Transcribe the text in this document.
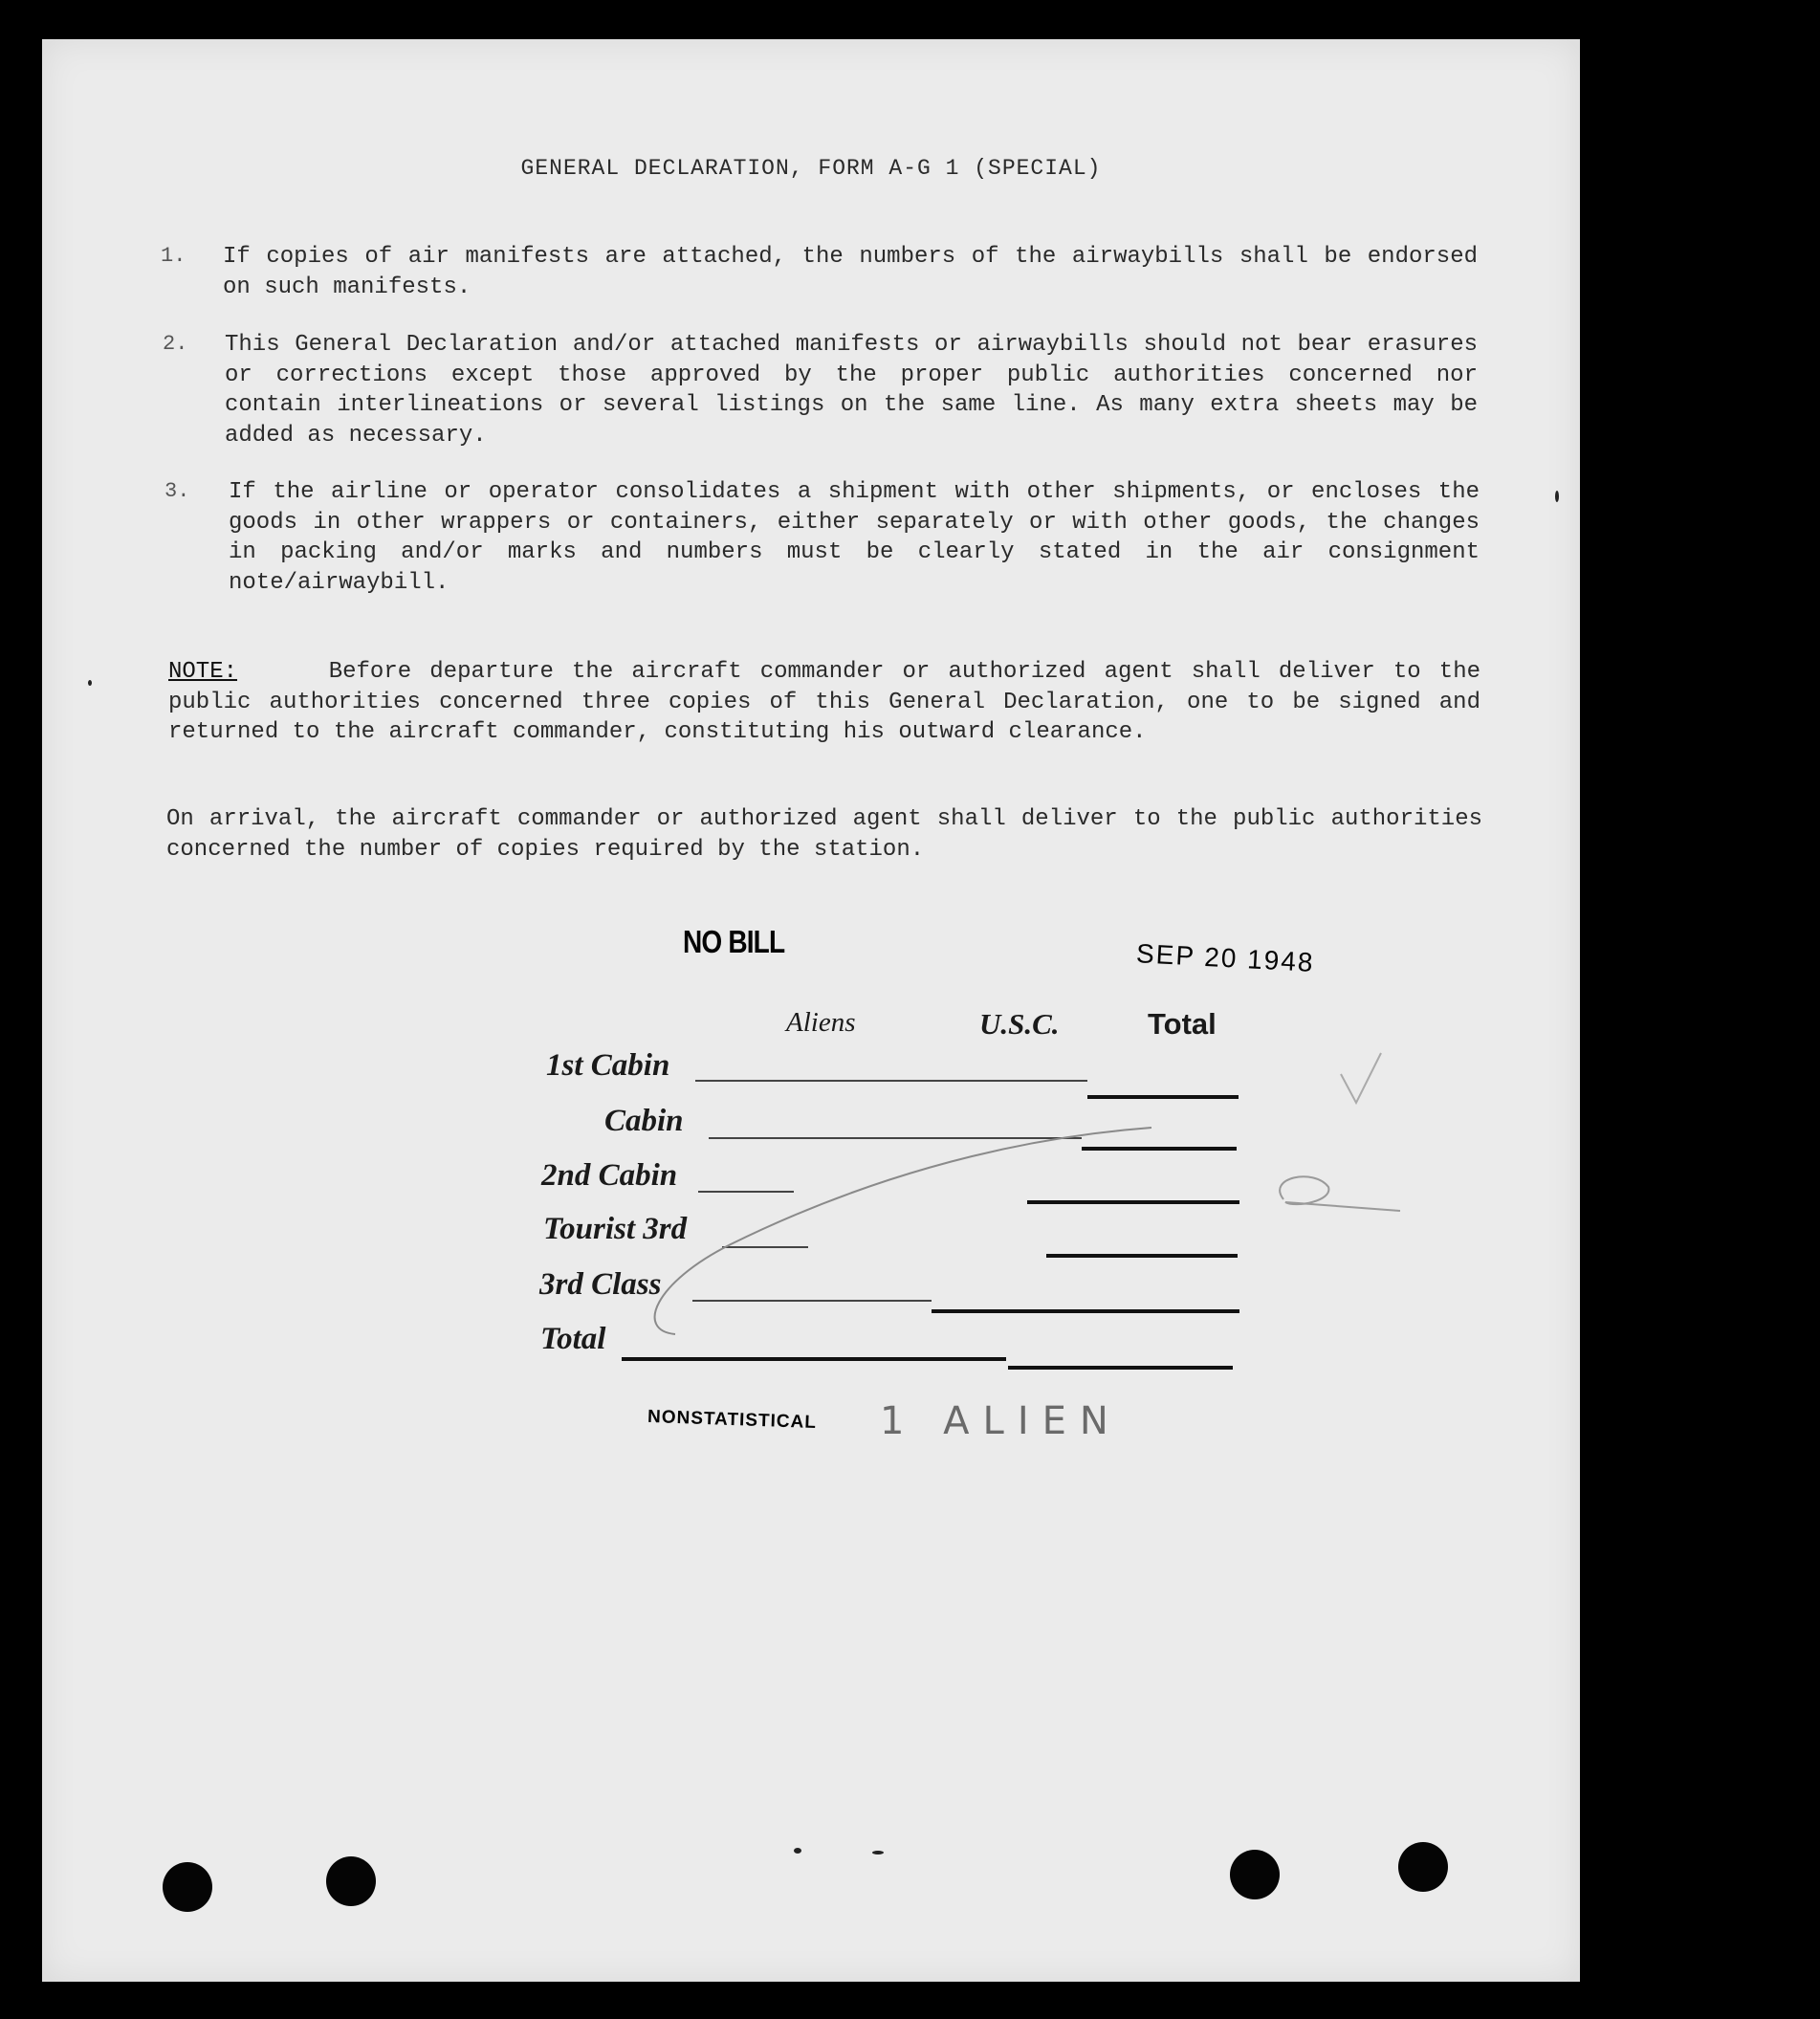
GENERAL DECLARATION, FORM A-G 1 (SPECIAL)
1. If copies of air manifests are attached, the numbers of the airwaybills shall be endorsed on such manifests.

2. This General Declaration and/or attached manifests or airwaybills should not bear erasures or corrections except those approved by the proper public authorities concerned nor contain interlineations or several listings on the same line. As many extra sheets may be added as necessary.

3. If the airline or operator consolidates a shipment with other shipments, or encloses the goods in other wrappers or containers, either separately or with other goods, the changes in packing and/or marks and numbers must be clearly stated in the air consignment note/airwaybill.

NOTE:	Before departure the aircraft commander or authorized agent shall deliver to the public authorities concerned three copies of this General Declaration, one to be signed and returned to the aircraft commander, constituting his outward clearance.

On arrival, the aircraft commander or authorized agent shall deliver to the public authorities concerned the number of copies required by the station.

NO BILL	SEP 20 1948
Aliens	U.S.C.	Total
1st Cabin
Cabin
2nd Cabin
Tourist 3rd
3rd Class
Total
NONSTATISTICAL 1 ALIEN
